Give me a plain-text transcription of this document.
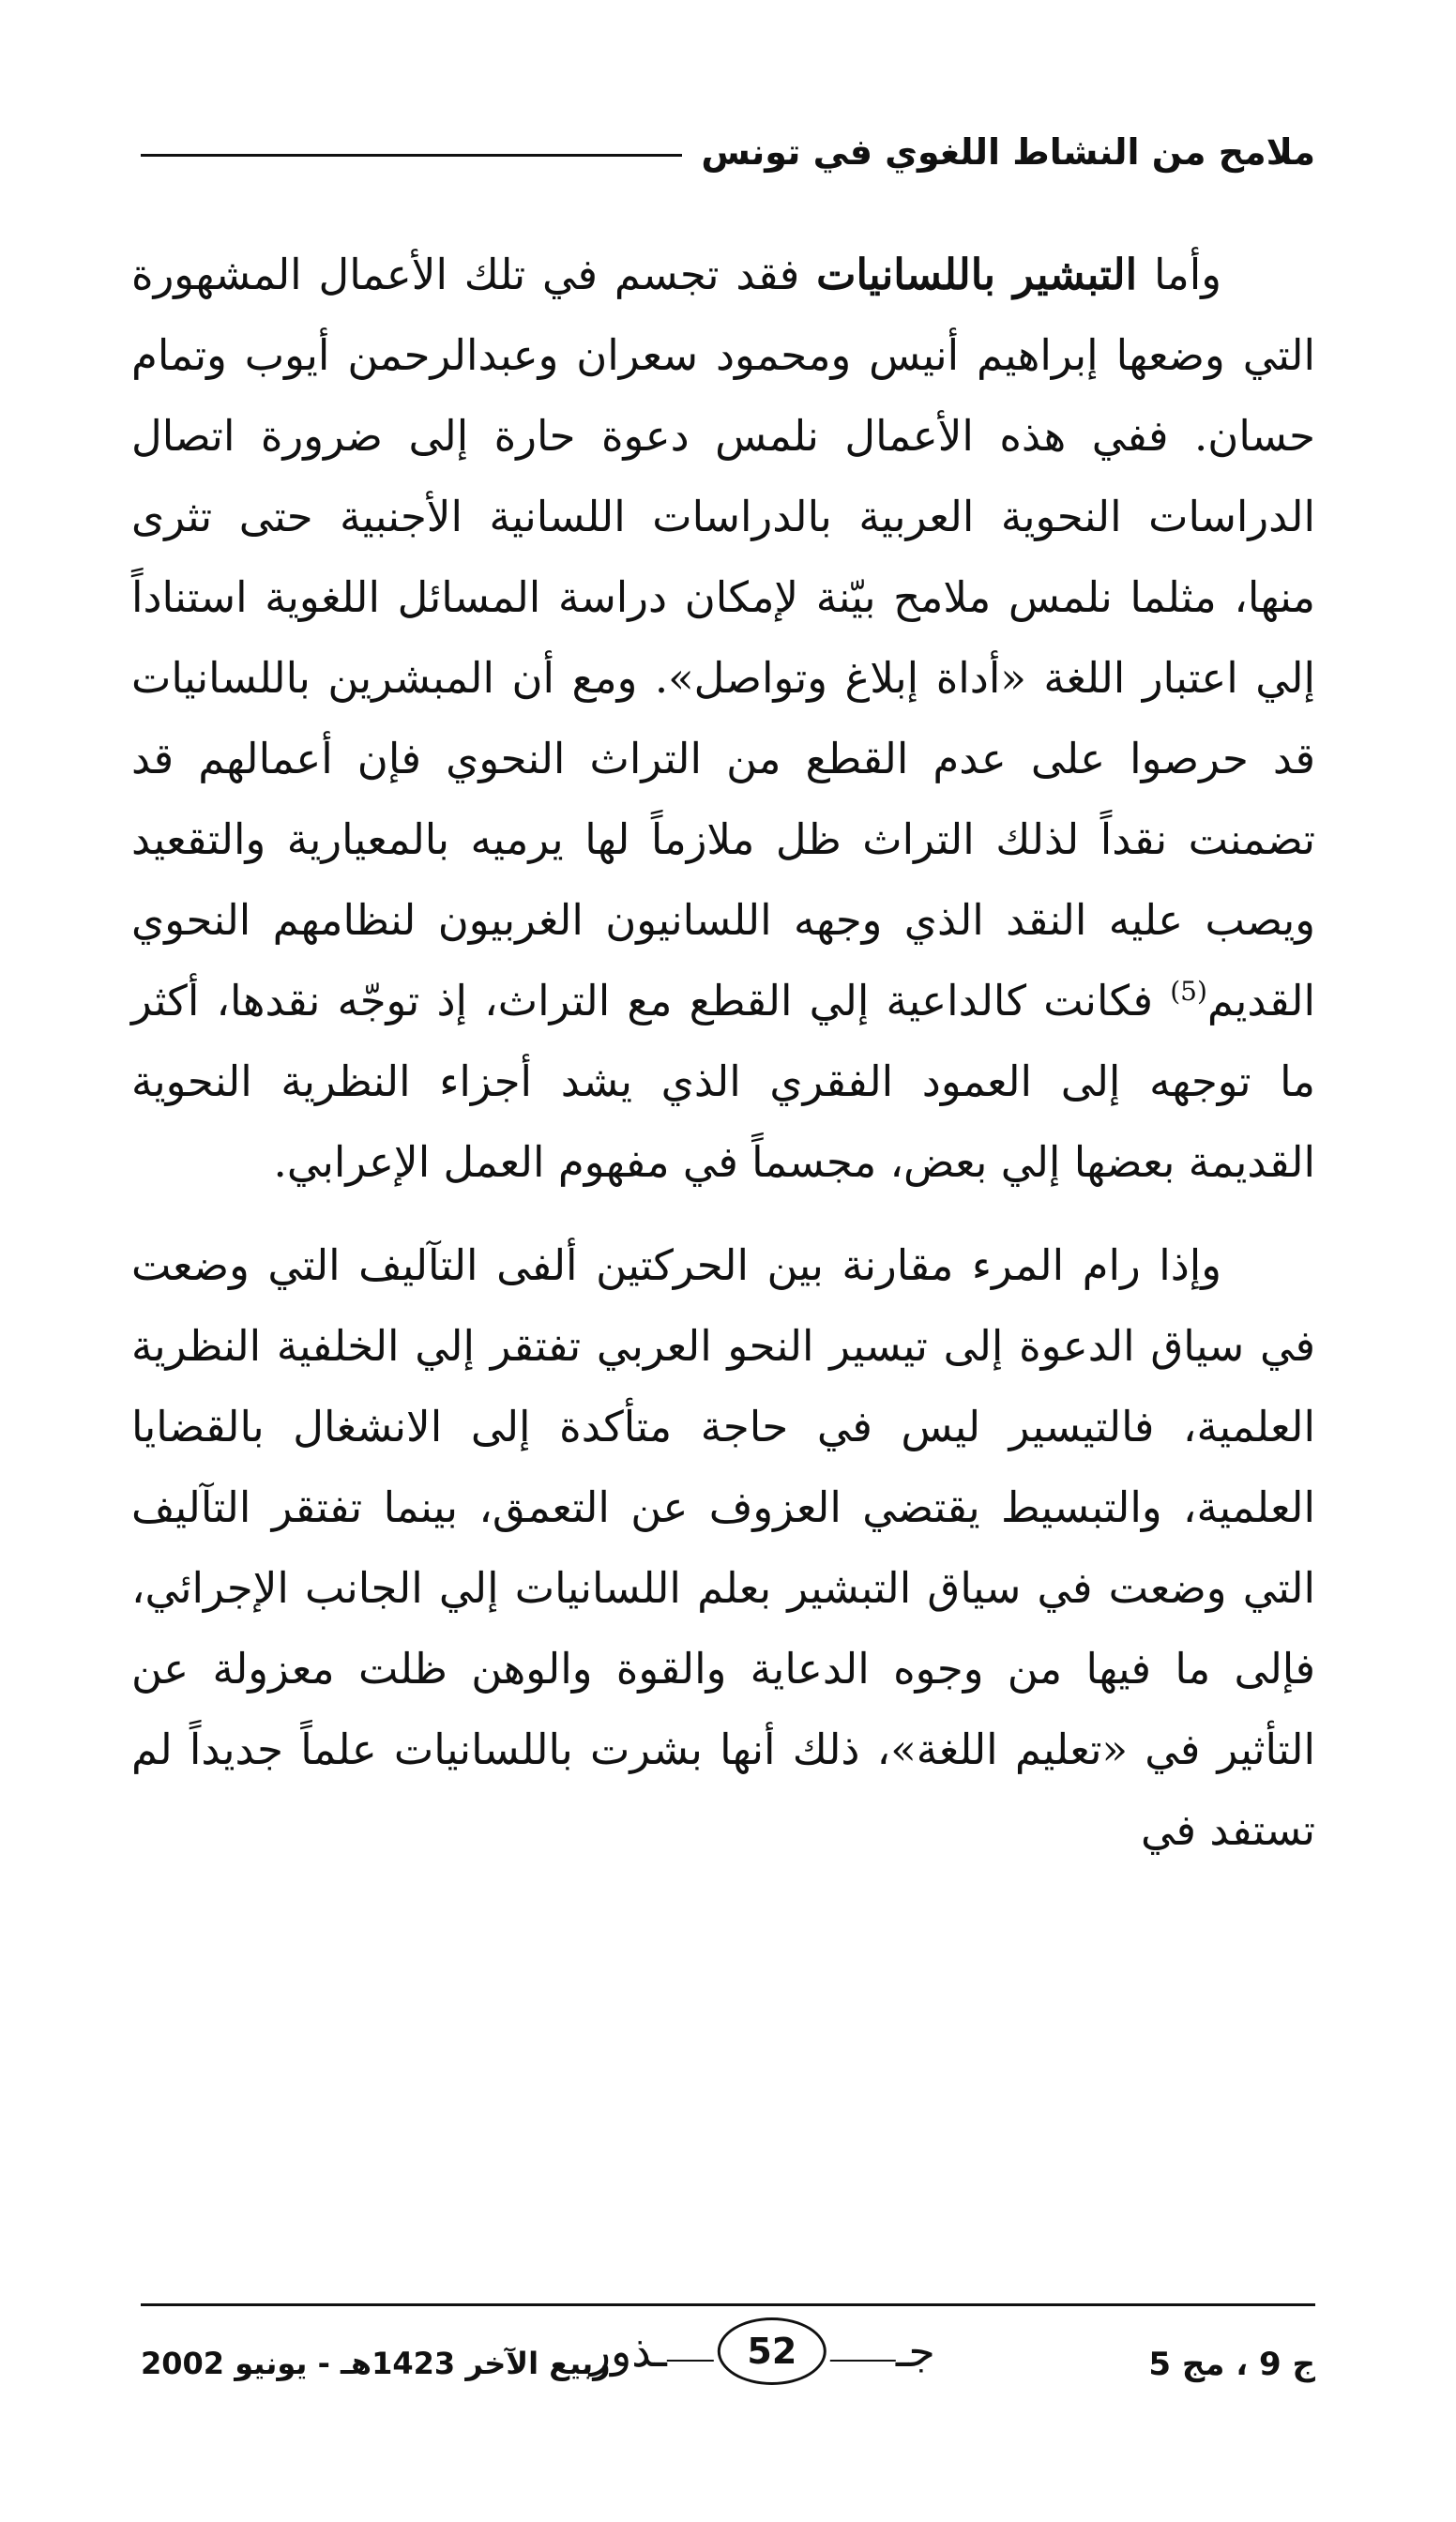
ملامح من النشاط اللغوي في تونس

وأما التبشير باللسانيات فقد تجسم في تلك الأعمال المشهورة التي وضعها إبراهيم أنيس ومحمود سعران وعبدالرحمن أيوب وتمام حسان. ففي هذه الأعمال نلمس دعوة حارة إلى ضرورة اتصال الدراسات النحوية العربية بالدراسات اللسانية الأجنبية حتى تثرى منها، مثلما نلمس ملامح بيّنة لإمكان دراسة المسائل اللغوية استناداً إلي اعتبار اللغة «أداة إبلاغ وتواصل». ومع أن المبشرين باللسانيات قد حرصوا على عدم القطع من التراث النحوي فإن أعمالهم قد تضمنت نقداً لذلك التراث ظل ملازماً لها يرميه بالمعيارية والتقعيد ويصب عليه النقد الذي وجهه اللسانيون الغربيون لنظامهم النحوي القديم$^{(5)}$ فكانت كالداعية إلي القطع مع التراث، إذ توجّه نقدها، أكثر ما توجهه إلى العمود الفقري الذي يشد أجزاء النظرية النحوية القديمة بعضها إلي بعض، مجسماً في مفهوم العمل الإعرابي.

وإذا رام المرء مقارنة بين الحركتين ألفى التآليف التي وضعت في سياق الدعوة إلى تيسير النحو العربي تفتقر إلي الخلفية النظرية العلمية، فالتيسير ليس في حاجة متأكدة إلى الانشغال بالقضايا العلمية، والتبسيط يقتضي العزوف عن التعمق، بينما تفتقر التآليف التي وضعت في سياق التبشير بعلم اللسانيات إلي الجانب الإجرائي، فإلى ما فيها من وجوه الدعاية والقوة والوهن ظلت معزولة عن التأثير في «تعليم اللغة»، ذلك أنها بشرت باللسانيات علماً جديداً لم تستفد في

ج 9 ، مج 5
جـ
52
ـذور
ربيع الآخر 1423هـ - يونيو 2002
